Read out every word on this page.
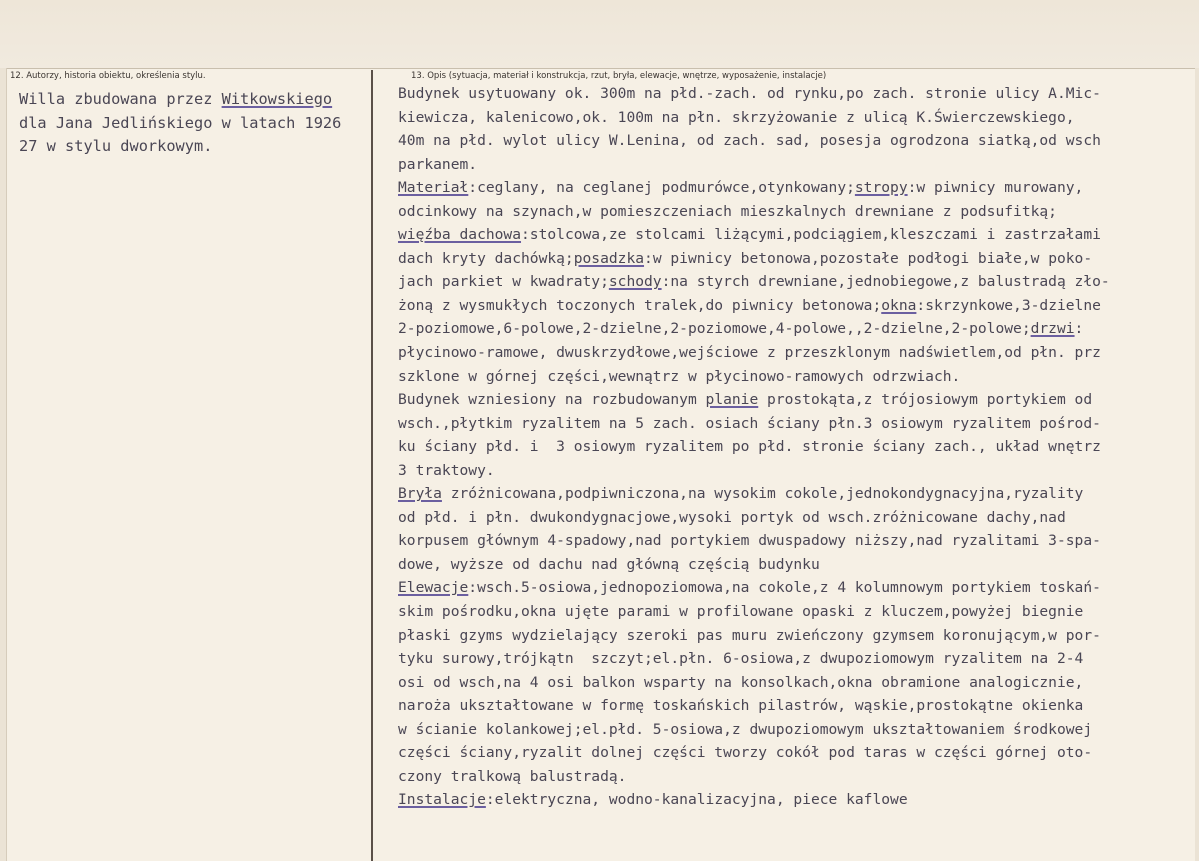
12. Autorzy, historia obiektu, określenia stylu.	13. Opis (sytuacja, materiał i konstrukcja, rzut, bryła, elewacje, wnętrze, wyposażenie, instalacje)
Willa zbudowana przez Witkowskiego
dla Jana Jedlińskiego w latach 1926
27 w stylu dworkowym.
Budynek usytuowany ok. 300m na płd.-zach. od rynku,po zach. stronie ulicy A.Mic-
kiewicza, kalenicowo,ok. 100m na płn. skrzyżowanie z ulicą K.Świerczewskiego,
40m na płd. wylot ulicy W.Lenina, od zach. sad, posesja ogrodzona siatką,od wsch
parkanem.
Materiał:ceglany, na ceglanej podmurówce,otynkowany;stropy:w piwnicy murowany,
odcinkowy na szynach,w pomieszczeniach mieszkalnych drewniane z podsufitką;
więźba dachowa:stolcowa,ze stolcami liżącymi,podciągiem,kleszczami i zastrzałami
dach kryty dachówką;posadzka:w piwnicy betonowa,pozostałe podłogi białe,w poko-
jach parkiet w kwadraty;schody:na styrch drewniane,jednobiegowe,z balustradą zło-
żoną z wysmukłych toczonych tralek,do piwnicy betonowa;okna:skrzynkowe,3-dzielne
2-poziomowe,6-polowe,2-dzielne,2-poziomowe,4-polowe,,2-dzielne,2-polowe;drzwi:
płycinowo-ramowe, dwuskrzydłowe,wejściowe z przeszklonym nadświetlem,od płn. prz
szklone w górnej części,wewnątrz w płycinowo-ramowych odrzwiach.
Budynek wzniesiony na rozbudowanym planie prostokąta,z trójosiowym portykiem od
wsch.,płytkim ryzalitem na 5 zach. osiach ściany płn.3 osiowym ryzalitem pośrod-
ku ściany płd. i  3 osiowym ryzalitem po płd. stronie ściany zach., układ wnętrz
3 traktowy.
Bryła zróżnicowana,podpiwniczona,na wysokim cokole,jednokondygnacyjna,ryzality
od płd. i płn. dwukondygnacjowe,wysoki portyk od wsch.zróżnicowane dachy,nad
korpusem głównym 4-spadowy,nad portykiem dwuspadowy niższy,nad ryzalitami 3-spa-
dowe, wyższe od dachu nad główną częścią budynku
Elewacje:wsch.5-osiowa,jednopoziomowa,na cokole,z 4 kolumnowym portykiem toskań-
skim pośrodku,okna ujęte parami w profilowane opaski z kluczem,powyżej biegnie
płaski gzyms wydzielający szeroki pas muru zwieńczony gzymsem koronującym,w por-
tyku surowy,trójkątn  szczyt;el.płn. 6-osiowa,z dwupoziomowym ryzalitem na 2-4
osi od wsch,na 4 osi balkon wsparty na konsolkach,okna obramione analogicznie,
naroża ukształtowane w formę toskańskich pilastrów, wąskie,prostokątne okienka
w ścianie kolankowej;el.płd. 5-osiowa,z dwupoziomowym ukształtowaniem środkowej
części ściany,ryzalit dolnej części tworzy cokół pod taras w części górnej oto-
czony tralkową balustradą.
Instalacje:elektryczna, wodno-kanalizacyjna, piece kaflowe
